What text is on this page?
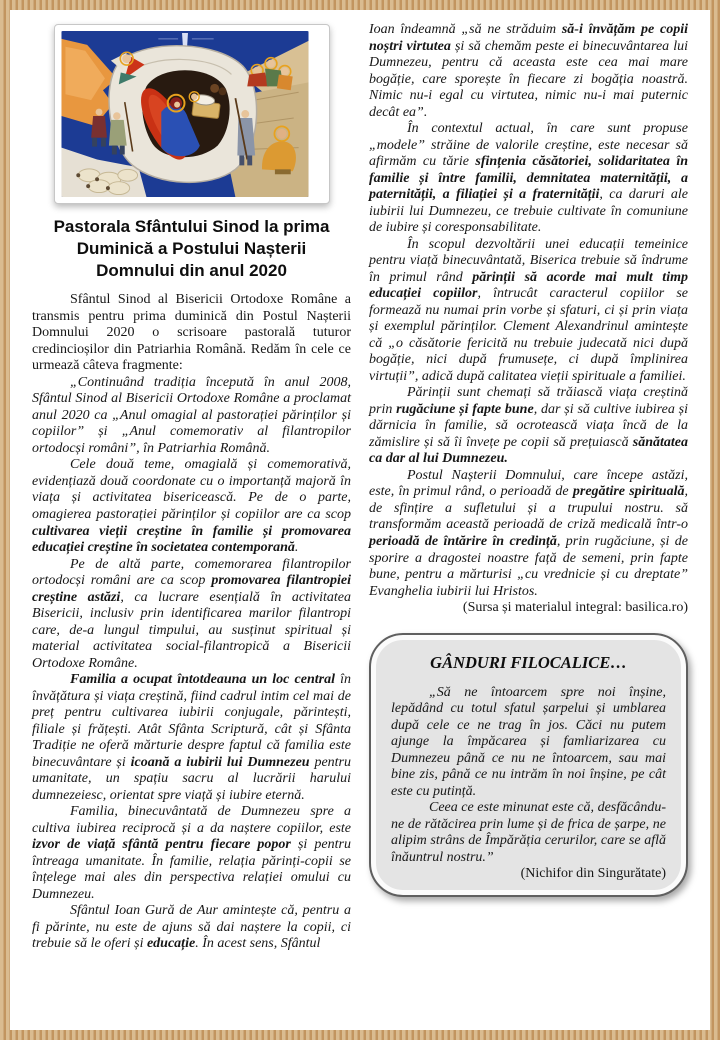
Pastorala Sfântului Sinod la prima Duminică a Postului Nașterii Domnului din anul 2020

Sfântul Sinod al Bisericii Ortodoxe Române a transmis pentru prima duminică din Postul Nașterii Domnului 2020 o scrisoare pastorală tuturor credincioșilor din Patriarhia Română. Redăm în cele ce urmează câteva fragmente:

„Continuând tradiția începută în anul 2008, Sfântul Sinod al Bisericii Ortodoxe Române a proclamat anul 2020 ca „Anul omagial al pastorației părinților și copiilor” și „Anul comemorativ al filantropilor ortodocși români”, în Patriarhia Română.

Cele două teme, omagială și comemorativă, evidențiază două coordonate cu o importanță majoră în viața și activitatea bisericească. Pe de o parte, omagierea pastorației părinților și copiilor are ca scop cultivarea vieții creștine în familie și promovarea educației creștine în societatea contemporană.

Pe de altă parte, comemorarea filantropilor ortodocși români are ca scop promovarea filantropiei creștine astăzi, ca lucrare esențială în activitatea Bisericii, inclusiv prin identificarea marilor filantropi care, de-a lungul timpului, au susținut spiritual și material activitatea social-filantropică a Bisericii Ortodoxe Române.

Familia a ocupat întotdeauna un loc central în învățătura și viața creștină, fiind cadrul intim cel mai de preț pentru cultivarea iubirii conjugale, părintești, filiale și frățești. Atât Sfânta Scriptură, cât și Sfânta Tradiție ne oferă mărturie despre faptul că familia este binecuvântare și icoană a iubirii lui Dumnezeu pentru umanitate, un spațiu sacru al lucrării harului dumnezeiesc, orientat spre viață și iubire eternă.

Familia, binecuvântată de Dumnezeu spre a cultiva iubirea reciprocă și a da naștere copiilor, este izvor de viață sfântă pentru fiecare popor și pentru întreaga umanitate. În familie, relația părinți-copii se înțelege mai ales din perspectiva relației omului cu Dumnezeu.

Sfântul Ioan Gură de Aur amintește că, pentru a fi părinte, nu este de ajuns să dai naștere la copii, ci trebuie să le oferi și educație. În acest sens, Sfântul

Ioan îndeamnă „să ne străduim să-i învățăm pe copii noștri virtutea și să chemăm peste ei binecuvântarea lui Dumnezeu, pentru că aceasta este cea mai mare bogăție, care sporește în fiecare zi bogăția noastră. Nimic nu-i egal cu virtutea, nimic nu-i mai puternic decât ea”.

În contextul actual, în care sunt propuse „modele” străine de valorile creștine, este necesar să afirmăm cu tărie sfințenia căsătoriei, solidaritatea în familie și între familii, demnitatea maternității, a paternității, a filiației și a fraternității, ca daruri ale iubirii lui Dumnezeu, ce trebuie cultivate în comuniune de iubire și coresponsabilitate.

În scopul dezvoltării unei educații temeinice pentru viață binecuvântată, Biserica trebuie să îndrume în primul rând părinții să acorde mai mult timp educației copiilor, întrucât caracterul copiilor se formează nu numai prin vorbe și sfaturi, ci și prin viața și exemplul părinților. Clement Alexandrinul amintește că „o căsătorie fericită nu trebuie judecată nici după bogăție, nici după frumusețe, ci după împlinirea virtuții”, adică după calitatea vieții spirituale a familiei.

Părinții sunt chemați să trăiască viața creștină prin rugăciune și fapte bune, dar și să cultive iubirea și dărnicia în familie, să ocrotească viața încă de la zămislire și să îi învețe pe copii să prețuiască sănătatea ca dar al lui Dumnezeu.

Postul Nașterii Domnului, care începe astăzi, este, în primul rând, o perioadă de pregătire spirituală, de sfințire a sufletului și a trupului nostru. să transformăm această perioadă de criză medicală într-o perioadă de întărire în credință, prin rugăciune, și de sporire a dragostei noastre față de semeni, prin fapte bune, pentru a mărturisi „cu vrednicie și cu dreptate” Evanghelia iubirii lui Hristos.

(Sursa și materialul integral: basilica.ro)

GÂNDURI FILOCALICE…

„Să ne întoarcem spre noi înșine, lepădând cu totul sfatul șarpelui și umblarea după cele ce ne trag în jos. Căci nu putem ajunge la împăcarea și famliarizarea cu Dumnezeu până ce nu ne întoarcem, sau mai bine zis, până ce nu intrăm în noi înșine, pe cât este cu putință.

Ceea ce este minunat este că, desfăcându-ne de rătăcirea prin lume și de frica de șarpe, ne alipim strâns de Împărăția cerurilor, care se află înăuntrul nostru.”

(Nichifor din Singurătate)
